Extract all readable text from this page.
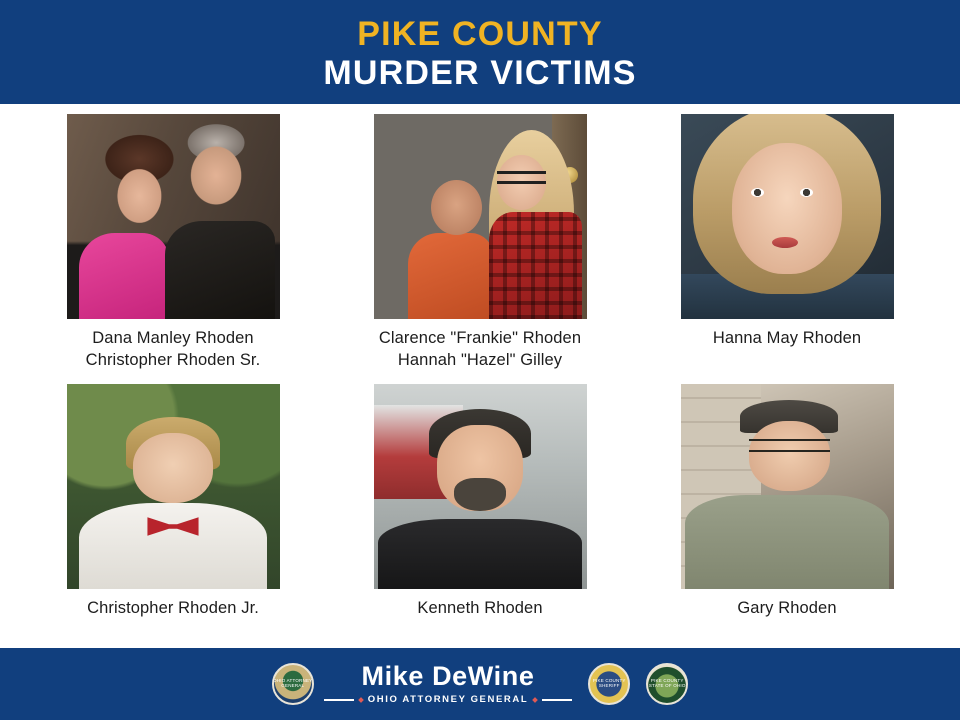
PIKE COUNTY
MURDER VICTIMS
Dana Manley Rhoden
Christopher Rhoden Sr.
Clarence "Frankie" Rhoden
Hannah "Hazel" Gilley
Hanna May Rhoden
Christopher Rhoden Jr.	Kenneth Rhoden	Gary Rhoden
OHIO ATTORNEY GENERAL	Mike DeWine
OHIO ATTORNEY GENERAL
PIKE COUNTY SHERIFF
PIKE COUNTY STATE OF OHIO
